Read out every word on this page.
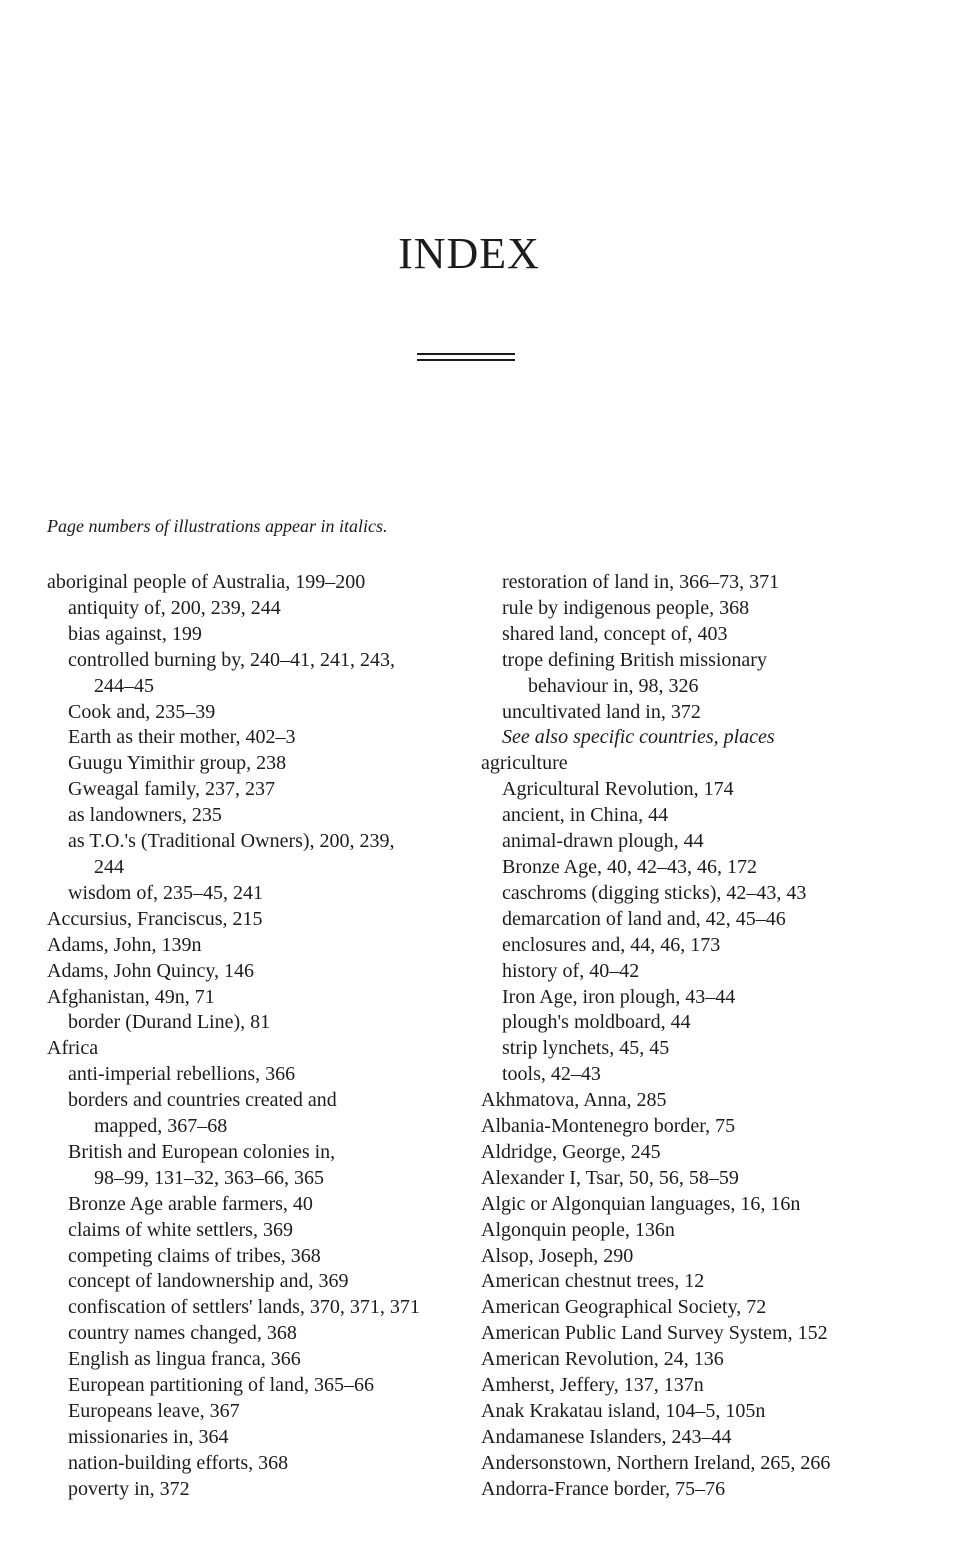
INDEX
Page numbers of illustrations appear in italics.

aboriginal people of Australia, 199–200

antiquity of, 200, 239, 244

bias against, 199

controlled burning by, 240–41, 241, 243,

244–45

Cook and, 235–39

Earth as their mother, 402–3

Guugu Yimithir group, 238

Gweagal family, 237, 237

as landowners, 235

as T.O.'s (Traditional Owners), 200, 239,

244

wisdom of, 235–45, 241

Accursius, Franciscus, 215

Adams, John, 139n

Adams, John Quincy, 146

Afghanistan, 49n, 71

border (Durand Line), 81

Africa

anti-imperial rebellions, 366

borders and countries created and

mapped, 367–68

British and European colonies in,

98–99, 131–32, 363–66, 365

Bronze Age arable farmers, 40

claims of white settlers, 369

competing claims of tribes, 368

concept of landownership and, 369

confiscation of settlers' lands, 370, 371, 371

country names changed, 368

English as lingua franca, 366

European partitioning of land, 365–66

Europeans leave, 367

missionaries in, 364

nation-building efforts, 368

poverty in, 372

restoration of land in, 366–73, 371

rule by indigenous people, 368

shared land, concept of, 403

trope defining British missionary

behaviour in, 98, 326

uncultivated land in, 372

See also specific countries, places

agriculture

Agricultural Revolution, 174

ancient, in China, 44

animal-drawn plough, 44

Bronze Age, 40, 42–43, 46, 172

caschroms (digging sticks), 42–43, 43

demarcation of land and, 42, 45–46

enclosures and, 44, 46, 173

history of, 40–42

Iron Age, iron plough, 43–44

plough's moldboard, 44

strip lynchets, 45, 45

tools, 42–43

Akhmatova, Anna, 285

Albania-Montenegro border, 75

Aldridge, George, 245

Alexander I, Tsar, 50, 56, 58–59

Algic or Algonquian languages, 16, 16n

Algonquin people, 136n

Alsop, Joseph, 290

American chestnut trees, 12

American Geographical Society, 72

American Public Land Survey System, 152

American Revolution, 24, 136

Amherst, Jeffery, 137, 137n

Anak Krakatau island, 104–5, 105n

Andamanese Islanders, 243–44

Andersonstown, Northern Ireland, 265, 266

Andorra-France border, 75–76
